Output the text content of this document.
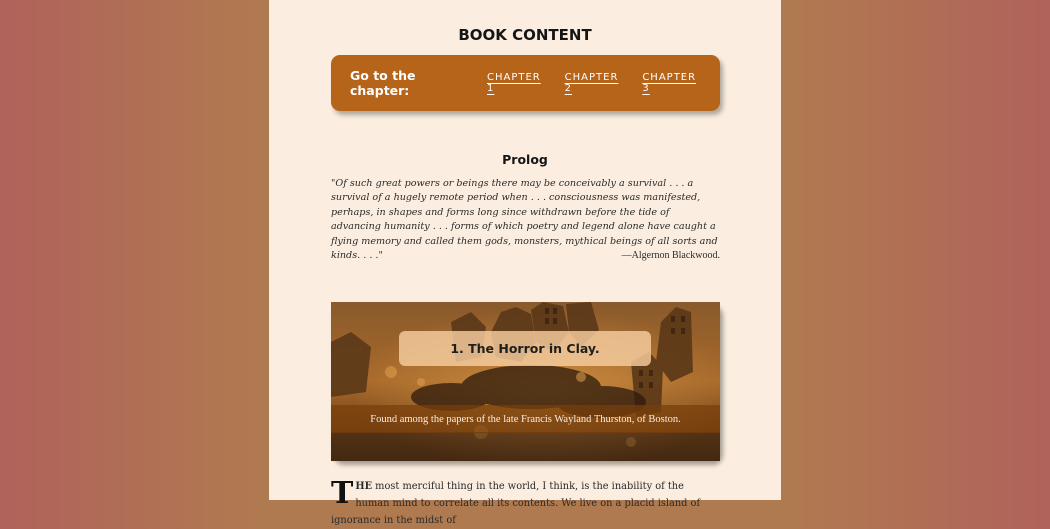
BOOK CONTENT
Go to the chapter:
CHAPTER 1
CHAPTER 2
CHAPTER 3
Prolog

"Of such great powers or beings there may be conceivably a survival . . . a survival of a hugely remote period when . . . consciousness was manifested, perhaps, in shapes and forms long since withdrawn before the tide of advancing humanity . . . forms of which poetry and legend alone have caught a flying memory and called them gods, monsters, mythical beings of all sorts and kinds. . . ."	—Algernon Blackwood.

1. The Horror in Clay.
Found among the papers of the late Francis Wayland Thurston, of Boston.

THE most merciful thing in the world, I think, is the inability of the human mind to correlate all its contents. We live on a placid island of ignorance in the midst of
